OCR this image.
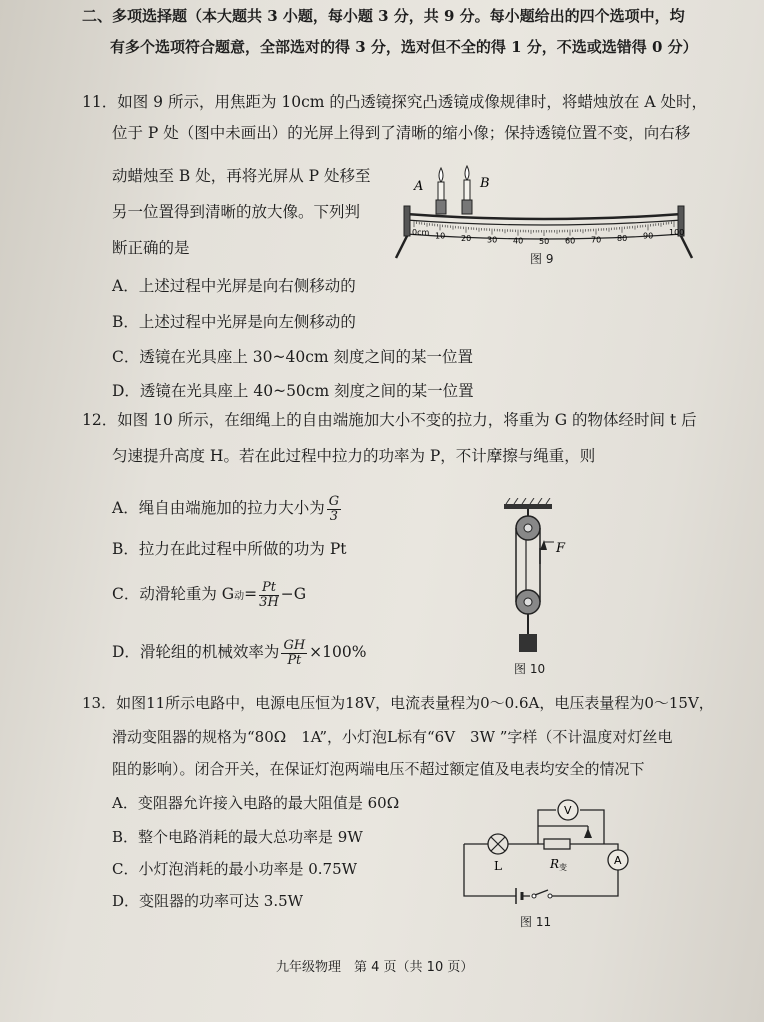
二、多项选择题（本大题共 3 小题，每小题 3 分，共 9 分。每小题给出的四个选项中，均
有多个选项符合题意，全部选对的得 3 分，选对但不全的得 1 分，不选或选错得 0 分）
11．如图 9 所示，用焦距为 10cm 的凸透镜探究凸透镜成像规律时，将蜡烛放在 A 处时，
位于 P 处（图中未画出）的光屏上得到了清晰的缩小像；保持透镜位置不变，向右移
动蜡烛至 B 处，再将光屏从 P 处移至
另一位置得到清晰的放大像。下列判
断正确的是
A．上述过程中光屏是向右侧移动的
B．上述过程中光屏是向左侧移动的
C．透镜在光具座上 30~40cm 刻度之间的某一位置
D．透镜在光具座上 40~50cm 刻度之间的某一位置
A	B
0cm 10 20 30 40 50 60 70 80 90 100
图 9
12．如图 10 所示，在细绳上的自由端施加大小不变的拉力，将重为 G 的物体经时间 t 后
匀速提升高度 H。若在此过程中拉力的功率为 P，不计摩擦与绳重，则
A．绳自由端施加的拉力大小为 $\frac{G}{3}$
B．拉力在此过程中所做的功为 Pt
C．动滑轮重为 G动= $\frac{Pt}{3H} -G$
D．滑轮组的机械效率为 $\frac{GH}{Pt} \times 100\%$
F
图 10
13．如图11所示电路中，电源电压恒为18V，电流表量程为0～0.6A，电压表量程为0～15V，
滑动变阻器的规格为“80Ω　1A”，小灯泡L标有“6V　3W ”字样（不计温度对灯丝电
阻的影响）。闭合开关，在保证灯泡两端电压不超过额定值及电表均安全的情况下
A．变阻器允许接入电路的最大阻值是 60Ω
B．整个电路消耗的最大总功率是 9W
C．小灯泡消耗的最小功率是 0.75W
D．变阻器的功率可达 3.5W
L	R变
V
A
图 11
九年级物理　第 4 页（共 10 页）
